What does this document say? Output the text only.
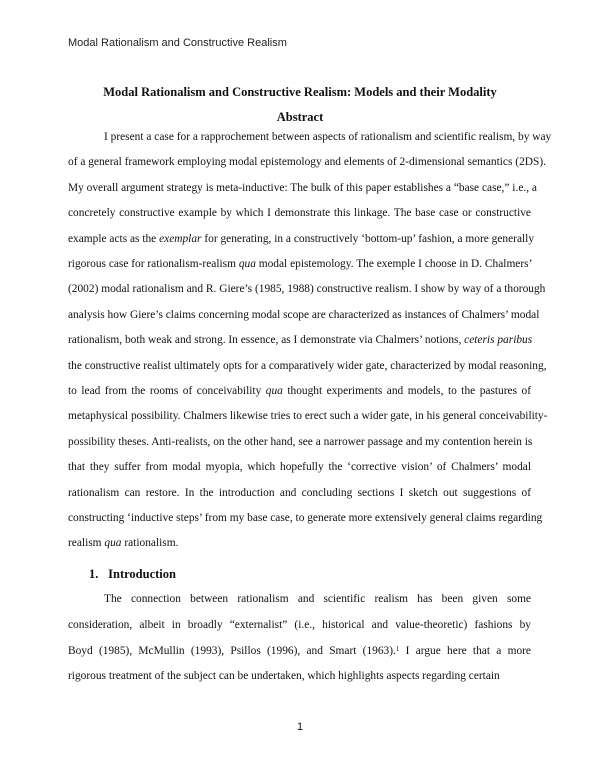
Modal Rationalism and Constructive Realism
Modal Rationalism and Constructive Realism: Models and their Modality
Abstract
I present a case for a rapprochement between aspects of rationalism and scientific realism, by way
of a general framework employing modal epistemology and elements of 2-dimensional semantics (2DS).
My overall argument strategy is meta-inductive: The bulk of this paper establishes a “base case,” i.e., a
concretely constructive example by which I demonstrate this linkage. The base case or constructive
example acts as the exemplar for generating, in a constructively ‘bottom-up’ fashion, a more generally
rigorous case for rationalism-realism qua modal epistemology. The exemple I choose in D. Chalmers’
(2002) modal rationalism and R. Giere’s (1985, 1988) constructive realism. I show by way of a thorough
analysis how Giere’s claims concerning modal scope are characterized as instances of Chalmers’ modal
rationalism, both weak and strong. In essence, as I demonstrate via Chalmers’ notions, ceteris paribus
the constructive realist ultimately opts for a comparatively wider gate, characterized by modal reasoning,
to lead from the rooms of conceivability qua thought experiments and models, to the pastures of
metaphysical possibility. Chalmers likewise tries to erect such a wider gate, in his general conceivability-
possibility theses. Anti-realists, on the other hand, see a narrower passage and my contention herein is
that they suffer from modal myopia, which hopefully the ‘corrective vision’ of Chalmers’ modal
rationalism can restore. In the introduction and concluding sections I sketch out suggestions of
constructing ‘inductive steps’ from my base case, to generate more extensively general claims regarding
realism qua rationalism.
1. Introduction
The connection between rationalism and scientific realism has been given some
consideration, albeit in broadly “externalist” (i.e., historical and value-theoretic) fashions by
Boyd (1985), McMullin (1993), Psillos (1996), and Smart (1963).$^1$ I argue here that a more
rigorous treatment of the subject can be undertaken, which highlights aspects regarding certain
1
